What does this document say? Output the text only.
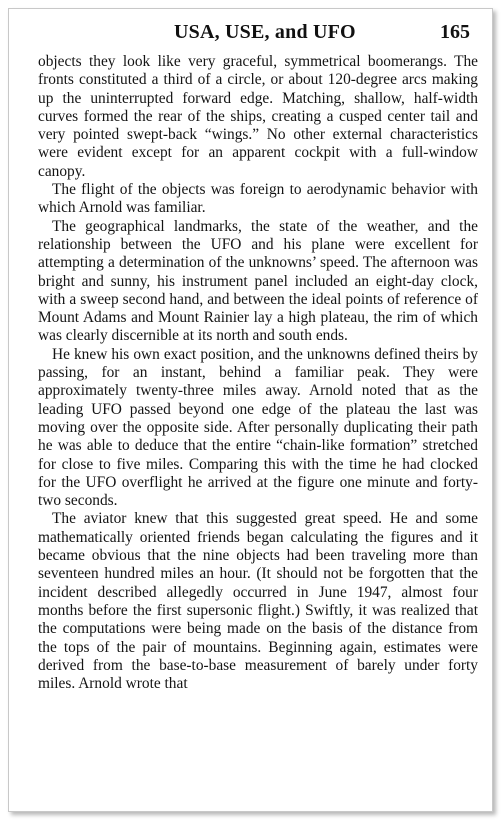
USA, USE, and UFO	165

objects they look like very graceful, symmetrical boomerangs. The fronts constituted a third of a circle, or about 120-degree arcs making up the uninterrupted forward edge. Matching, shallow, half-width curves formed the rear of the ships, creating a cusped center tail and very pointed swept-back “wings.” No other external characteristics were evident except for an apparent cockpit with a full-window canopy.

The flight of the objects was foreign to aerodynamic behavior with which Arnold was familiar.

The geographical landmarks, the state of the weather, and the relationship between the UFO and his plane were excellent for attempting a determination of the unknowns’ speed. The afternoon was bright and sunny, his instrument panel included an eight-day clock, with a sweep second hand, and between the ideal points of reference of Mount Adams and Mount Rainier lay a high plateau, the rim of which was clearly discernible at its north and south ends.

He knew his own exact position, and the unknowns defined theirs by passing, for an instant, behind a familiar peak. They were approximately twenty-three miles away. Arnold noted that as the leading UFO passed beyond one edge of the plateau the last was moving over the opposite side. After personally duplicating their path he was able to deduce that the entire “chain-like formation” stretched for close to five miles. Comparing this with the time he had clocked for the UFO overflight he arrived at the figure one minute and forty-two seconds.

The aviator knew that this suggested great speed. He and some mathematically oriented friends began calculating the figures and it became obvious that the nine objects had been traveling more than seventeen hundred miles an hour. (It should not be forgotten that the incident described allegedly occurred in June 1947, almost four months before the first supersonic flight.) Swiftly, it was realized that the computations were being made on the basis of the distance from the tops of the pair of mountains. Beginning again, estimates were derived from the base-to-base measurement of barely under forty miles. Arnold wrote that
